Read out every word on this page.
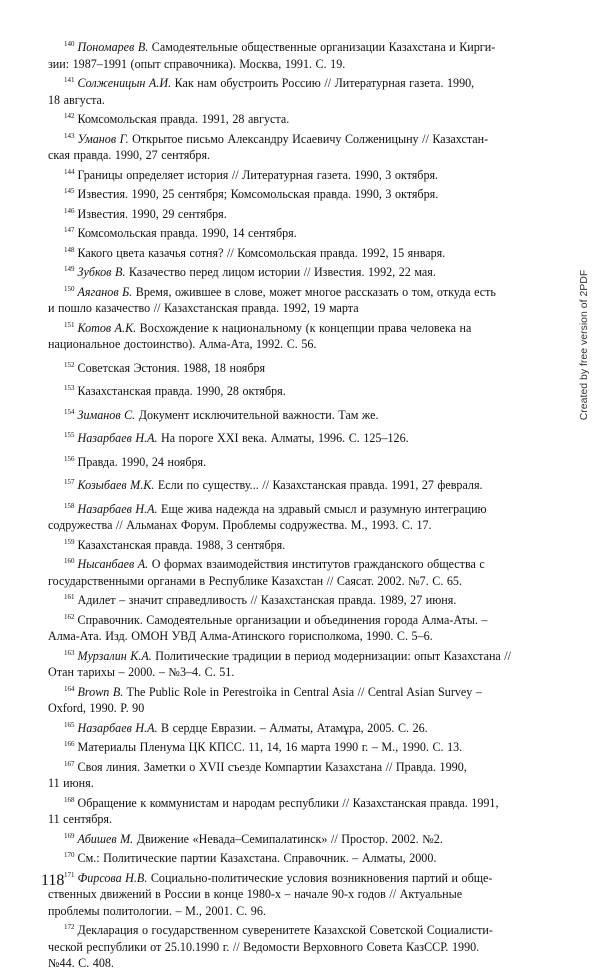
$^{140}$ Пономарев В. Самодеятельные общественные организации Казахстана и Кирги-
зии: 1987–1991 (опыт справочника). Москва, 1991. С. 19.

$^{141}$ Солженицын А.И. Как нам обустроить Россию // Литературная газета. 1990,
18 августа.

$^{142}$ Комсомольская правда. 1991, 28 августа.

$^{143}$ Уманов Г. Открытое письмо Александру Исаевичу Солженицыну // Казахстан-
ская правда. 1990, 27 сентября.

$^{144}$ Границы определяет история // Литературная газета. 1990, 3 октября.

$^{145}$ Известия. 1990, 25 сентября; Комсомольская правда. 1990, 3 октября.

$^{146}$ Известия. 1990, 29 сентября.

$^{147}$ Комсомольская правда. 1990, 14 сентября.

$^{148}$ Какого цвета казачья сотня? // Комсомольская правда. 1992, 15 января.

$^{149}$ Зубков В. Казачество перед лицом истории // Известия. 1992, 22 мая.

$^{150}$ Аяганов Б. Время, ожившее в слове, может многое рассказать о том, откуда есть
и пошло казачество // Казахстанская правда. 1992, 19 марта

$^{151}$ Котов А.К. Восхождение к национальному (к концепции права человека на
национальное достоинство). Алма-Ата, 1992. С. 56.

$^{152}$ Советская Эстония. 1988, 18 ноября

$^{153}$ Казахстанская правда. 1990, 28 октября.

$^{154}$ Зиманов С. Документ исключительной важности. Там же.

$^{155}$ Назарбаев Н.А. На пороге XXI века. Алматы, 1996. С. 125–126.

$^{156}$ Правда. 1990, 24 ноября.

$^{157}$ Козыбаев М.К. Если по существу... // Казахстанская правда. 1991, 27 февраля.

$^{158}$ Назарбаев Н.А. Еще жива надежда на здравый смысл и разумную интеграцию
содружества // Альманах Форум. Проблемы содружества. М., 1993. С. 17.

$^{159}$ Казахстанская правда. 1988, 3 сентября.

$^{160}$ Нысанбаев А. О формах взаимодействия институтов гражданского общества с
государственными органами в Республике Казахстан // Саясат. 2002. №7. С. 65.

$^{161}$ Адилет – значит справедливость // Казахстанская правда. 1989, 27 июня.

$^{162}$ Справочник. Самодеятельные организации и объединения города Алма-Аты. –
Алма-Ата. Изд. ОМОН УВД Алма-Атинского горисполкома, 1990. С. 5–6.

$^{163}$ Мурзалин К.А. Политические традиции в период модернизации: опыт Казахстана //
Отан тарихы – 2000. – №3–4. С. 51.

$^{164}$ Brown B. The Public Role in Perestroika in Central Asia // Central Asian Survey –
Oxford, 1990. P. 90

$^{165}$ Назарбаев Н.А. В сердце Евразии. – Алматы, Атамұра, 2005. С. 26.

$^{166}$ Материалы Пленума ЦК КПСС. 11, 14, 16 марта 1990 г. – М., 1990. С. 13.

$^{167}$ Своя линия. Заметки о XVII съезде Компартии Казахстана // Правда. 1990,
11 июня.

$^{168}$ Обращение к коммунистам и народам республики // Казахстанская правда. 1991,
11 сентября.

$^{169}$ Абишев М. Движение «Невада–Семипалатинск» // Простор. 2002. №2.

$^{170}$ См.: Политические партии Казахстана. Справочник. – Алматы, 2000.

$^{171}$ Фирсова Н.В. Социально-политические условия возникновения партий и обще-
ственных движений в России в конце 1980-х – начале 90-х годов // Актуальные
проблемы политологии. – М., 2001. С. 96.

$^{172}$ Декларация о государственном суверенитете Казахской Советской Социалисти-
ческой республики от 25.10.1990 г. // Ведомости Верховного Совета КазССР. 1990.
№44. С. 408.

118
Created by free version of 2PDF
